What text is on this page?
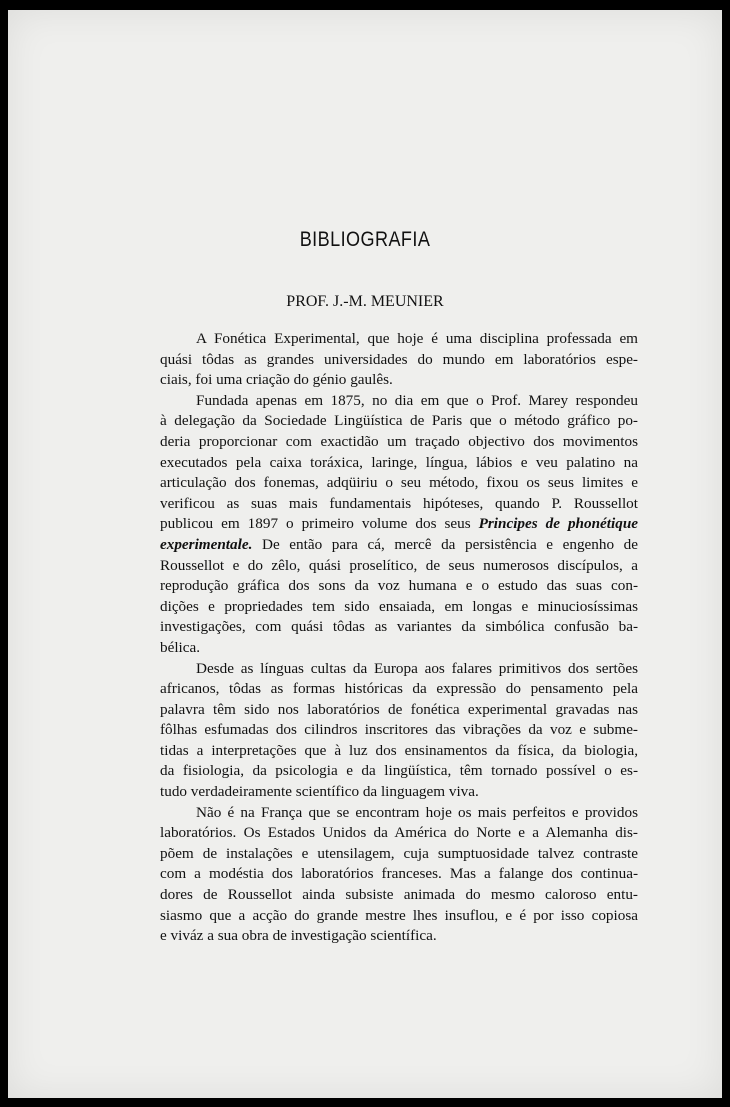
BIBLIOGRAFIA
PROF. J.-M. MEUNIER
A Fonética Experimental, que hoje é uma disciplina professada em
quási tôdas as grandes universidades do mundo em laboratórios espe-
ciais, foi uma criação do génio gaulês.
Fundada apenas em 1875, no dia em que o Prof. Marey respondeu
à delegação da Sociedade Lingüística de Paris que o método gráfico po-
deria proporcionar com exactidão um traçado objectivo dos movimentos
executados pela caixa toráxica, laringe, língua, lábios e veu palatino na
articulação dos fonemas, adqüiriu o seu método, fixou os seus limites e
verificou as suas mais fundamentais hipóteses, quando P. Roussellot
publicou em 1897 o primeiro volume dos seus Principes de phonétique
experimentale. De então para cá, mercê da persistência e engenho de
Roussellot e do zêlo, quási proselítico, de seus numerosos discípulos, a
reprodução gráfica dos sons da voz humana e o estudo das suas con-
dições e propriedades tem sido ensaiada, em longas e minuciosíssimas
investigações, com quási tôdas as variantes da simbólica confusão ba-
bélica.
Desde as línguas cultas da Europa aos falares primitivos dos sertões
africanos, tôdas as formas históricas da expressão do pensamento pela
palavra têm sido nos laboratórios de fonética experimental gravadas nas
fôlhas esfumadas dos cilindros inscritores das vibrações da voz e subme-
tidas a interpretações que à luz dos ensinamentos da física, da biologia,
da fisiologia, da psicologia e da lingüística, têm tornado possível o es-
tudo verdadeiramente scientífico da linguagem viva.
Não é na França que se encontram hoje os mais perfeitos e providos
laboratórios. Os Estados Unidos da América do Norte e a Alemanha dis-
põem de instalações e utensilagem, cuja sumptuosidade talvez contraste
com a modéstia dos laboratórios franceses. Mas a falange dos continua-
dores de Roussellot ainda subsiste animada do mesmo caloroso entu-
siasmo que a acção do grande mestre lhes insuflou, e é por isso copiosa
e viváz a sua obra de investigação scientífica.
